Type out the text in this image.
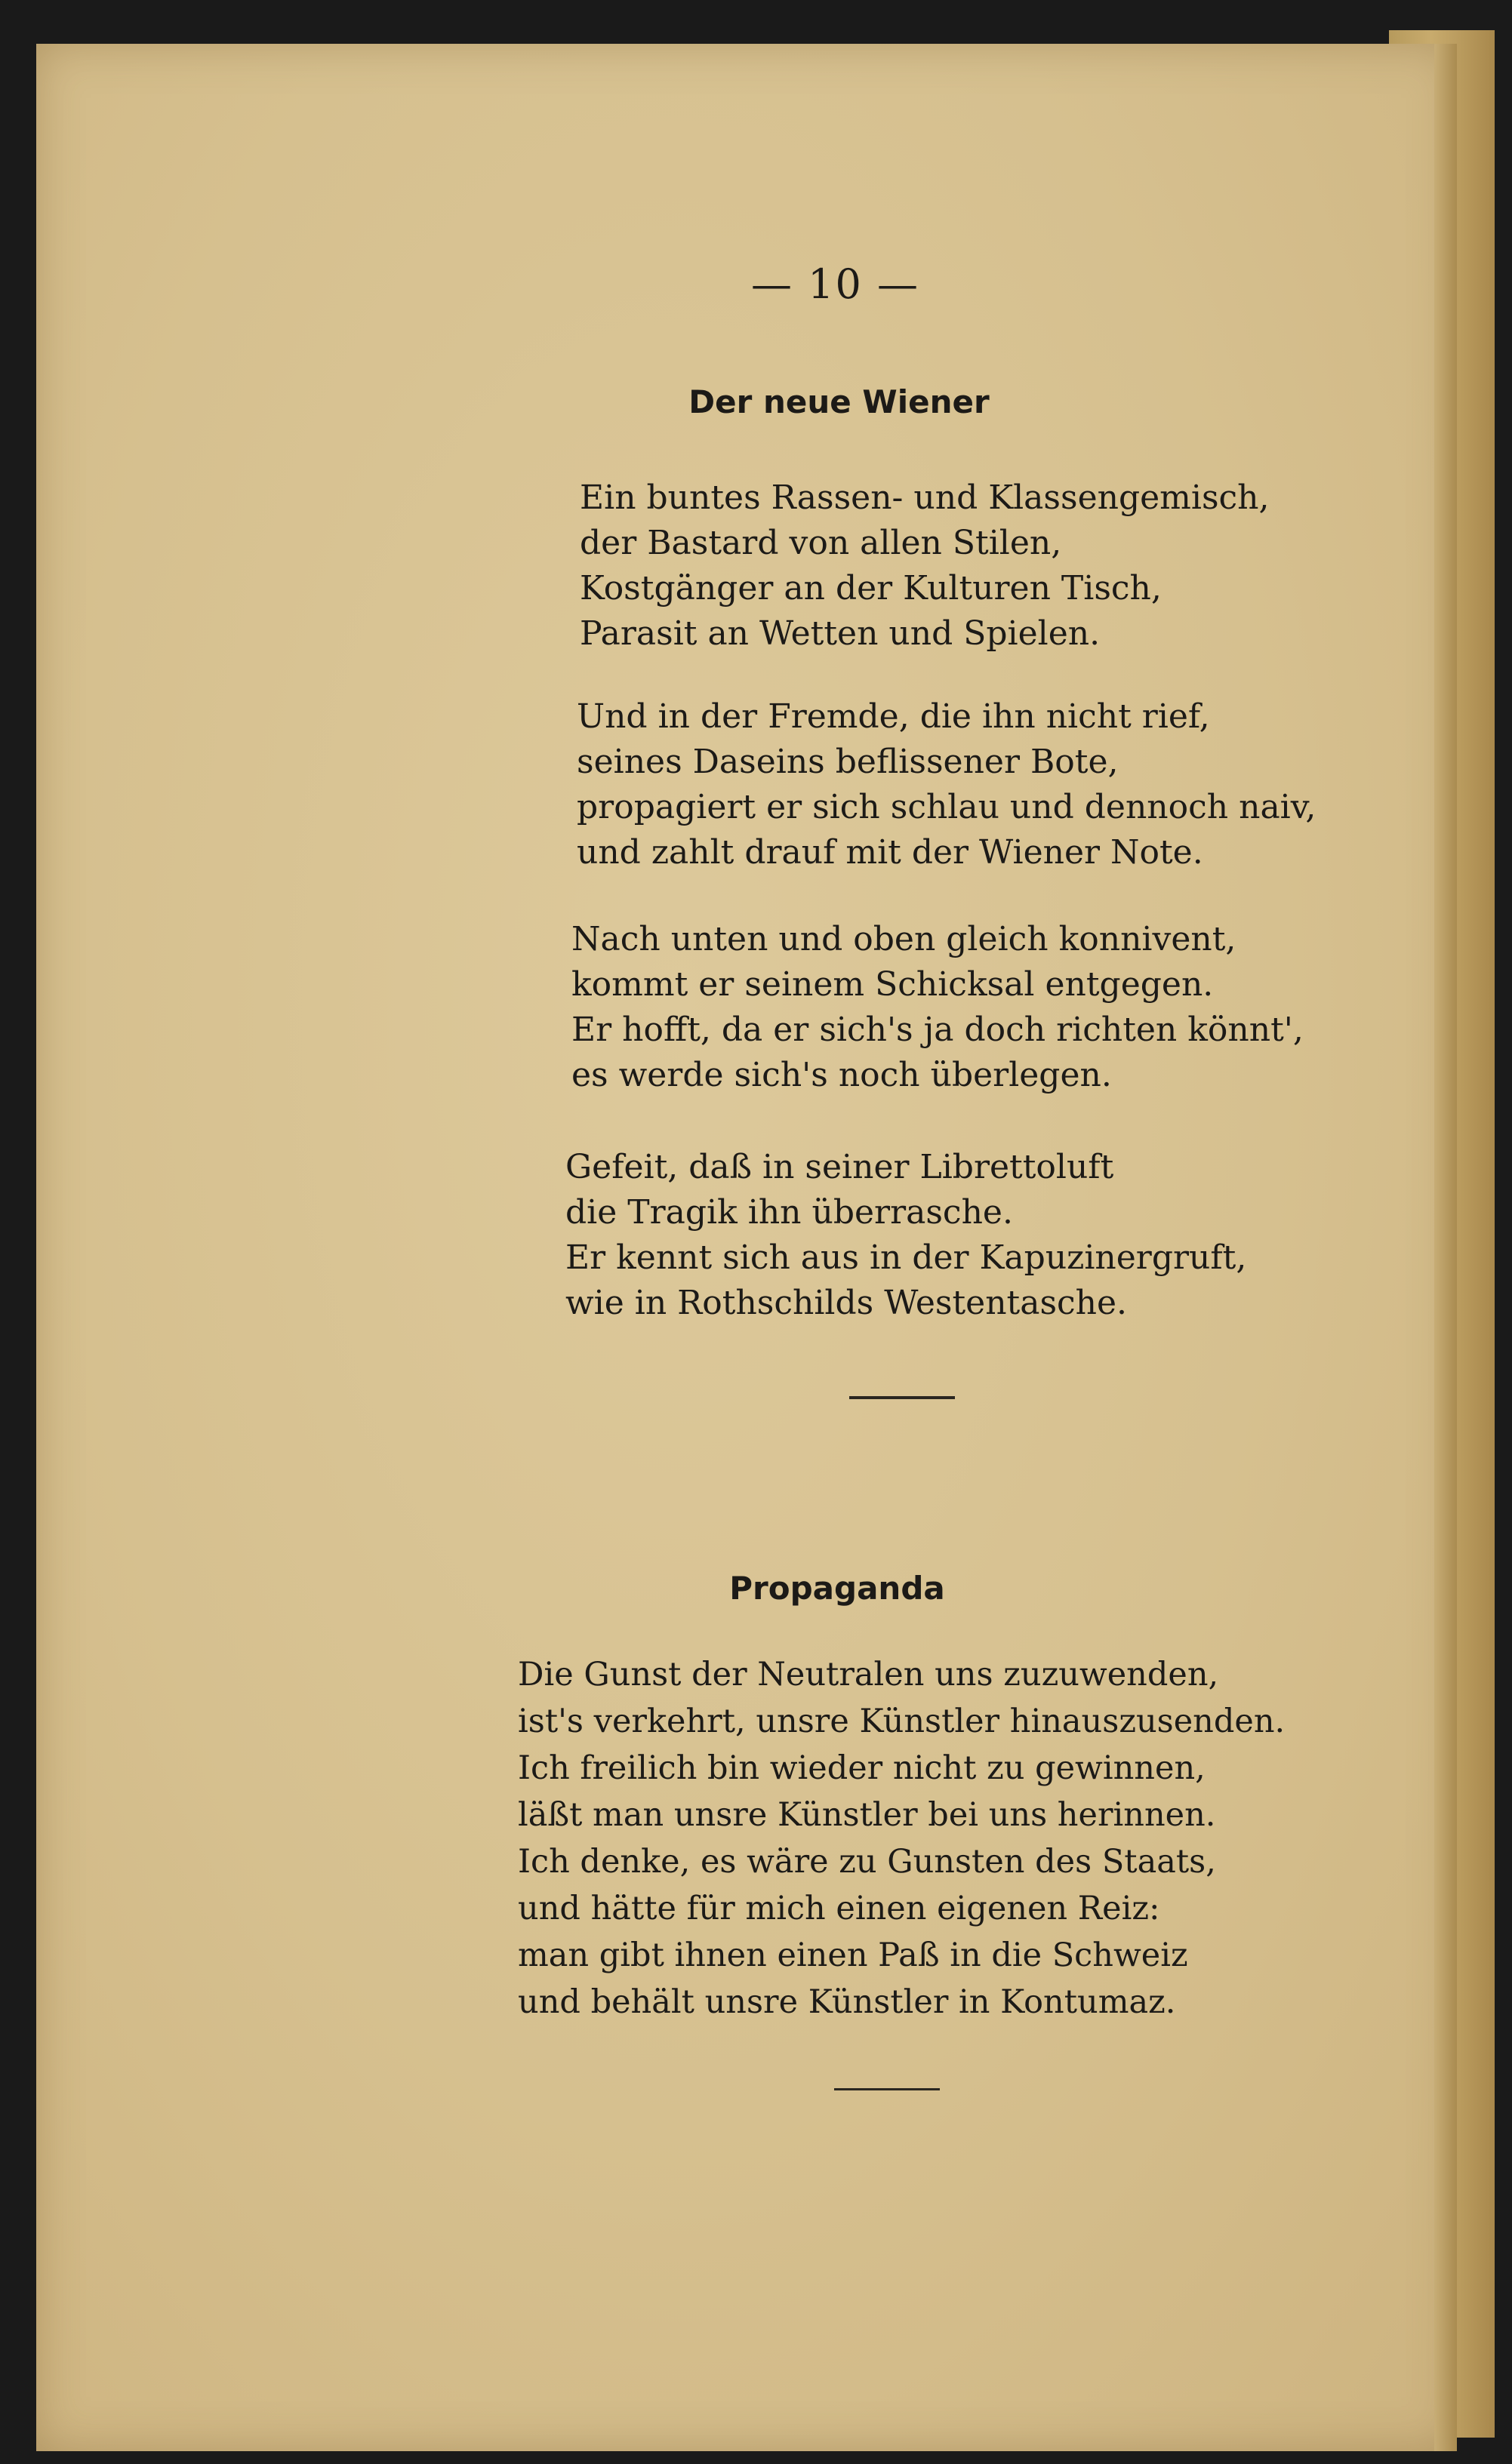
— 10 —
Der neue Wiener
Ein buntes Rassen- und Klassengemisch,
der Bastard von allen Stilen,
Kostgänger an der Kulturen Tisch,
Parasit an Wetten und Spielen.
Und in der Fremde, die ihn nicht rief,
seines Daseins beflissener Bote,
propagiert er sich schlau und dennoch naiv,
und zahlt drauf mit der Wiener Note.
Nach unten und oben gleich konnivent,
kommt er seinem Schicksal entgegen.
Er hofft, da er sich's ja doch richten könnt',
es werde sich's noch überlegen.
Gefeit, daß in seiner Librettoluft
die Tragik ihn überrasche.
Er kennt sich aus in der Kapuzinergruft,
wie in Rothschilds Westentasche.
Propaganda
Die Gunst der Neutralen uns zuzuwenden,
ist's verkehrt, unsre Künstler hinauszusenden.
Ich freilich bin wieder nicht zu gewinnen,
läßt man unsre Künstler bei uns herinnen.
Ich denke, es wäre zu Gunsten des Staats,
und hätte für mich einen eigenen Reiz:
man gibt ihnen einen Paß in die Schweiz
und behält unsre Künstler in Kontumaz.
